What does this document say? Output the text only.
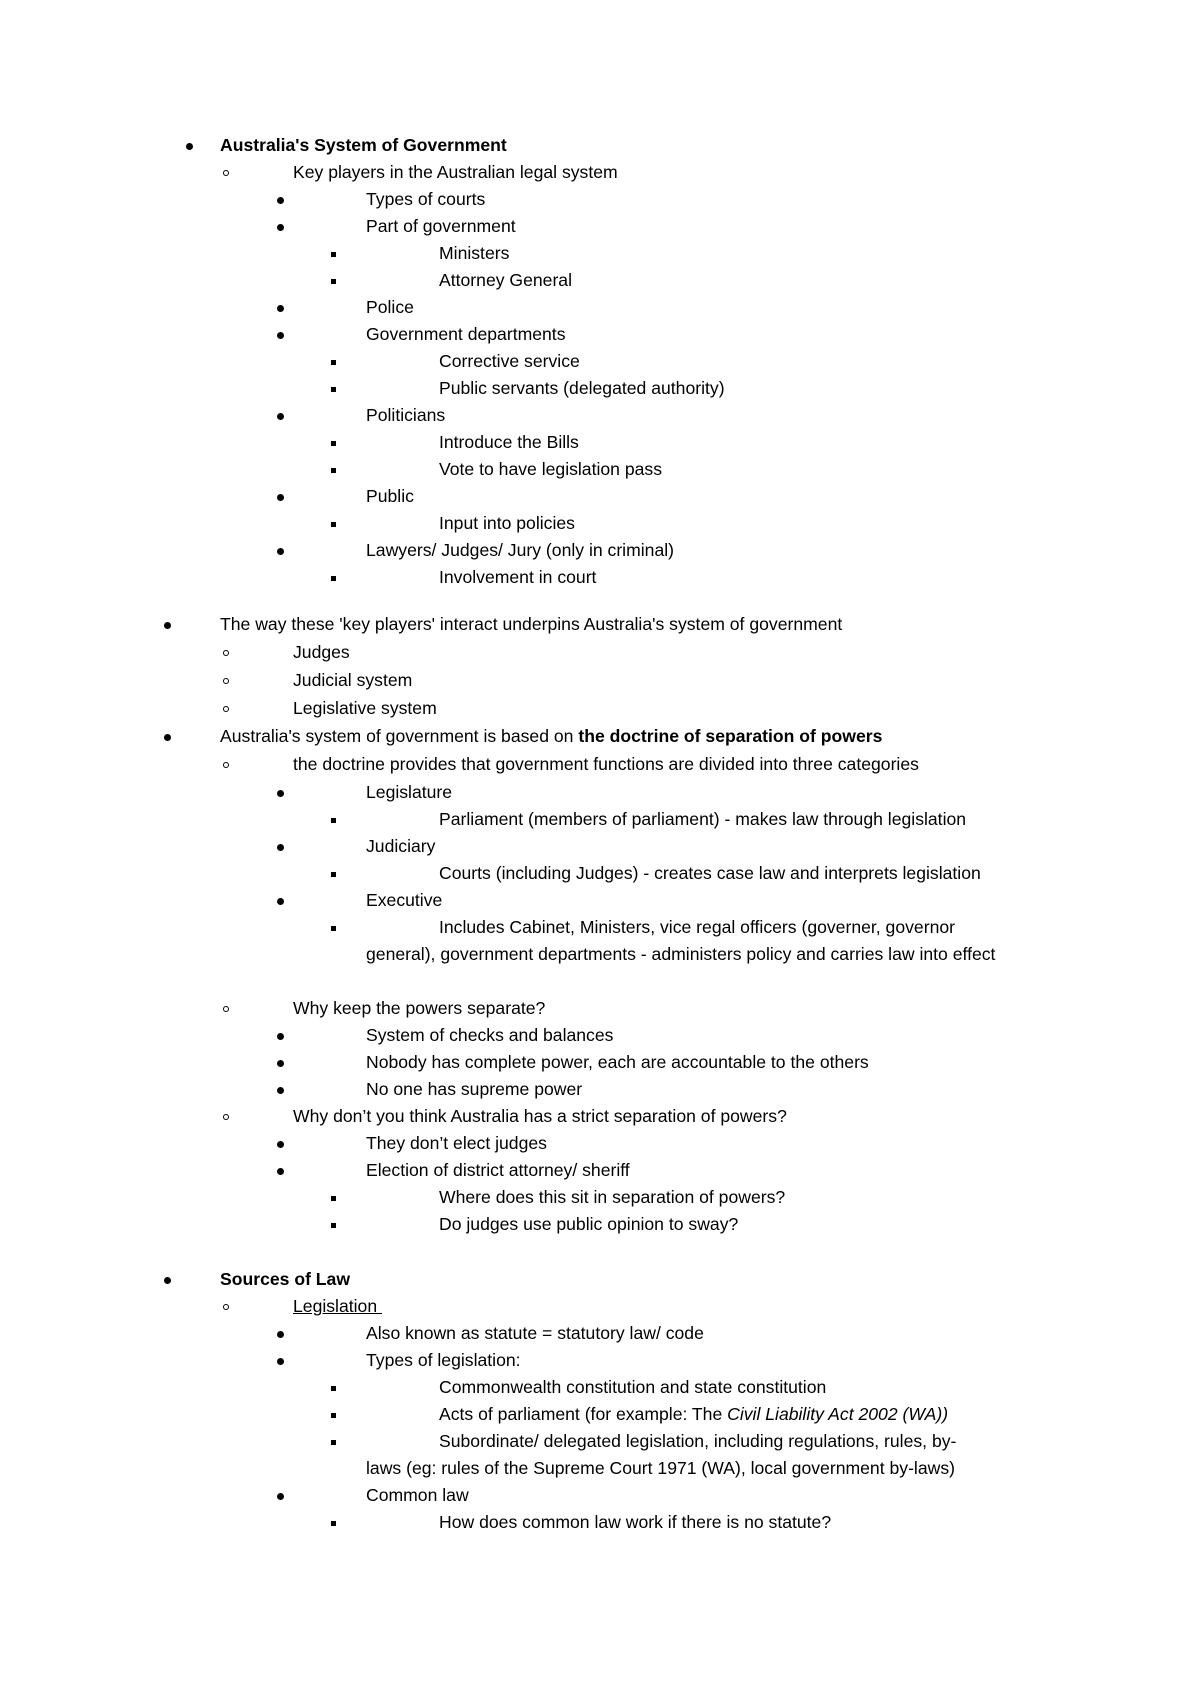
Australia's System of Government
Key players in the Australian legal system
Types of courts
Part of government
Ministers
Attorney General
Police
Government departments
Corrective service
Public servants (delegated authority)
Politicians
Introduce the Bills
Vote to have legislation pass
Public
Input into policies
Lawyers/ Judges/ Jury (only in criminal)
Involvement in court
The way these 'key players' interact underpins Australia's system of government
Judges
Judicial system
Legislative system
Australia's system of government is based on the doctrine of separation of powers
the doctrine provides that government functions are divided into three categories
Legislature
Parliament (members of parliament) - makes law through legislation
Judiciary
Courts (including Judges) - creates case law and interprets legislation
Executive
Includes Cabinet, Ministers, vice regal officers (governer, governor
general), government departments - administers policy and carries law into effect
Why keep the powers separate?
System of checks and balances
Nobody has complete power, each are accountable to the others
No one has supreme power
Why don’t you think Australia has a strict separation of powers?
They don’t elect judges
Election of district attorney/ sheriff
Where does this sit in separation of powers?
Do judges use public opinion to sway?
Sources of Law
Legislation
Also known as statute = statutory law/ code
Types of legislation:
Commonwealth constitution and state constitution
Acts of parliament (for example: The Civil Liability Act 2002 (WA))
Subordinate/ delegated legislation, including regulations, rules, by-
laws (eg: rules of the Supreme Court 1971 (WA), local government by-laws)
Common law
How does common law work if there is no statute?
